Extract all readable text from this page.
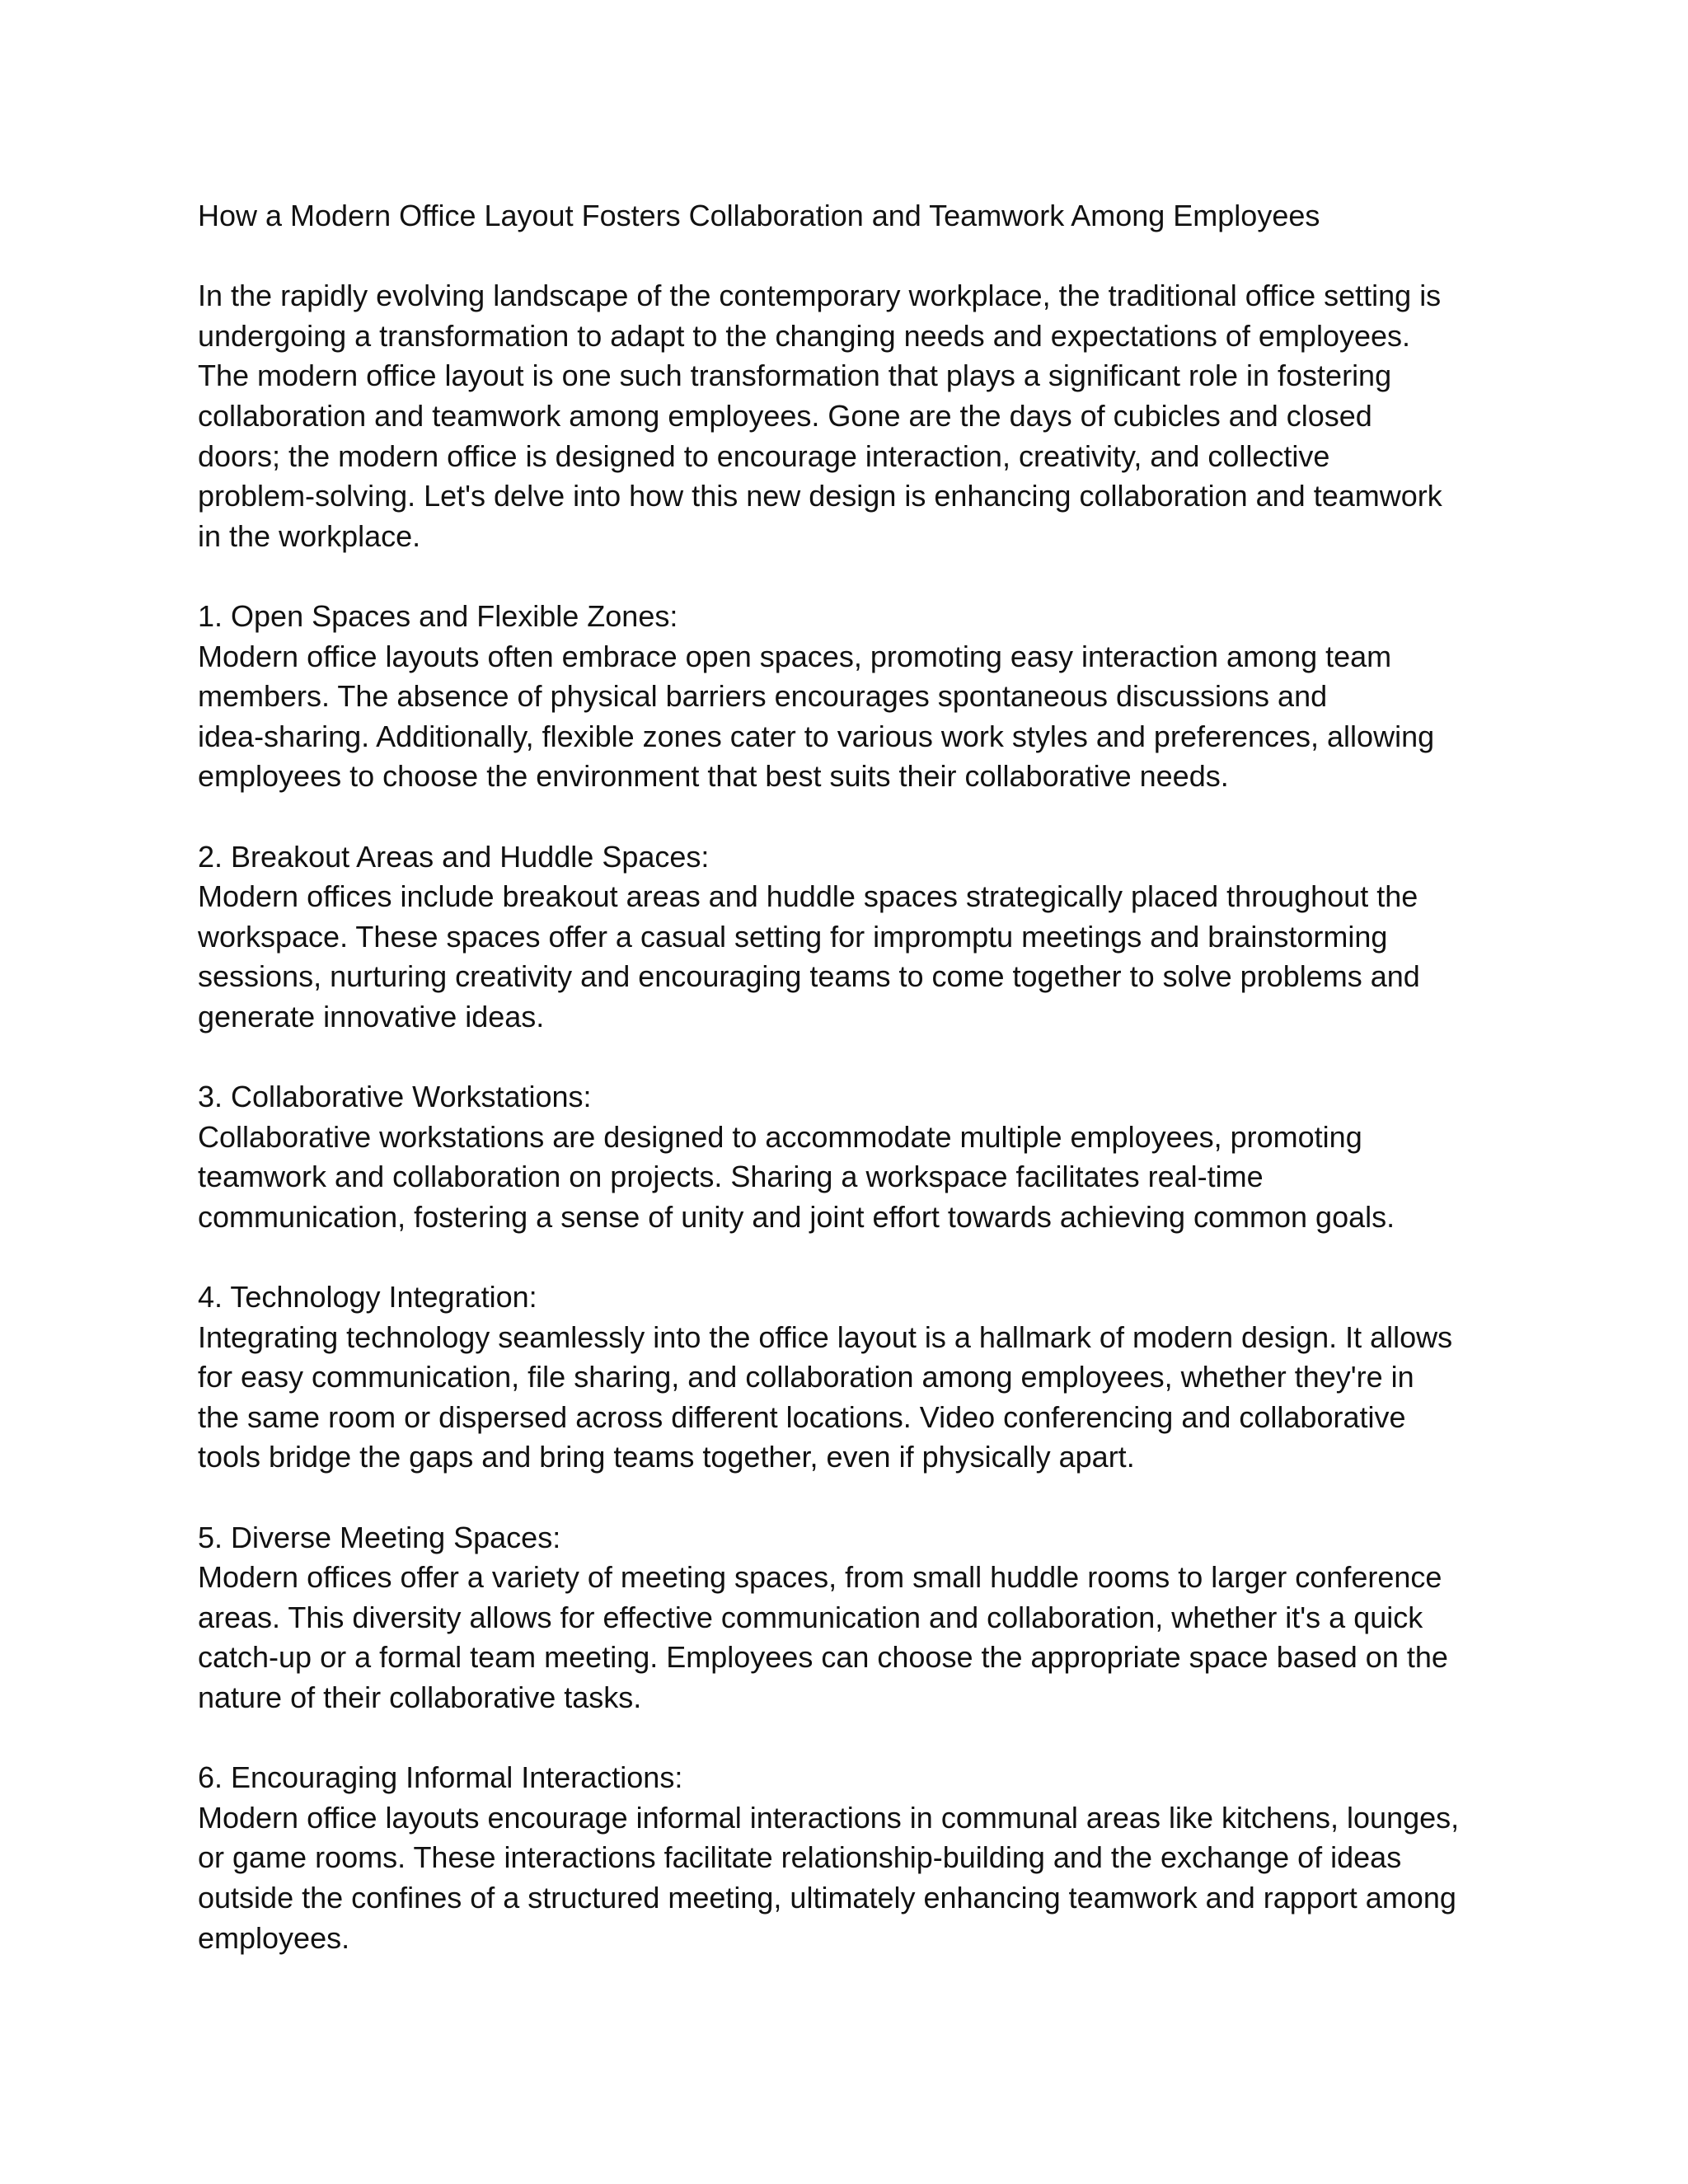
How a Modern Office Layout Fosters Collaboration and Teamwork Among Employees

In the rapidly evolving landscape of the contemporary workplace, the traditional office setting is
undergoing a transformation to adapt to the changing needs and expectations of employees.
The modern office layout is one such transformation that plays a significant role in fostering
collaboration and teamwork among employees. Gone are the days of cubicles and closed
doors; the modern office is designed to encourage interaction, creativity, and collective
problem-solving. Let's delve into how this new design is enhancing collaboration and teamwork
in the workplace.

1. Open Spaces and Flexible Zones:

Modern office layouts often embrace open spaces, promoting easy interaction among team
members. The absence of physical barriers encourages spontaneous discussions and
idea-sharing. Additionally, flexible zones cater to various work styles and preferences, allowing
employees to choose the environment that best suits their collaborative needs.

2. Breakout Areas and Huddle Spaces:

Modern offices include breakout areas and huddle spaces strategically placed throughout the
workspace. These spaces offer a casual setting for impromptu meetings and brainstorming
sessions, nurturing creativity and encouraging teams to come together to solve problems and
generate innovative ideas.

3. Collaborative Workstations:

Collaborative workstations are designed to accommodate multiple employees, promoting
teamwork and collaboration on projects. Sharing a workspace facilitates real-time
communication, fostering a sense of unity and joint effort towards achieving common goals.

4. Technology Integration:

Integrating technology seamlessly into the office layout is a hallmark of modern design. It allows
for easy communication, file sharing, and collaboration among employees, whether they're in
the same room or dispersed across different locations. Video conferencing and collaborative
tools bridge the gaps and bring teams together, even if physically apart.

5. Diverse Meeting Spaces:

Modern offices offer a variety of meeting spaces, from small huddle rooms to larger conference
areas. This diversity allows for effective communication and collaboration, whether it's a quick
catch-up or a formal team meeting. Employees can choose the appropriate space based on the
nature of their collaborative tasks.

6. Encouraging Informal Interactions:

Modern office layouts encourage informal interactions in communal areas like kitchens, lounges,
or game rooms. These interactions facilitate relationship-building and the exchange of ideas
outside the confines of a structured meeting, ultimately enhancing teamwork and rapport among
employees.
